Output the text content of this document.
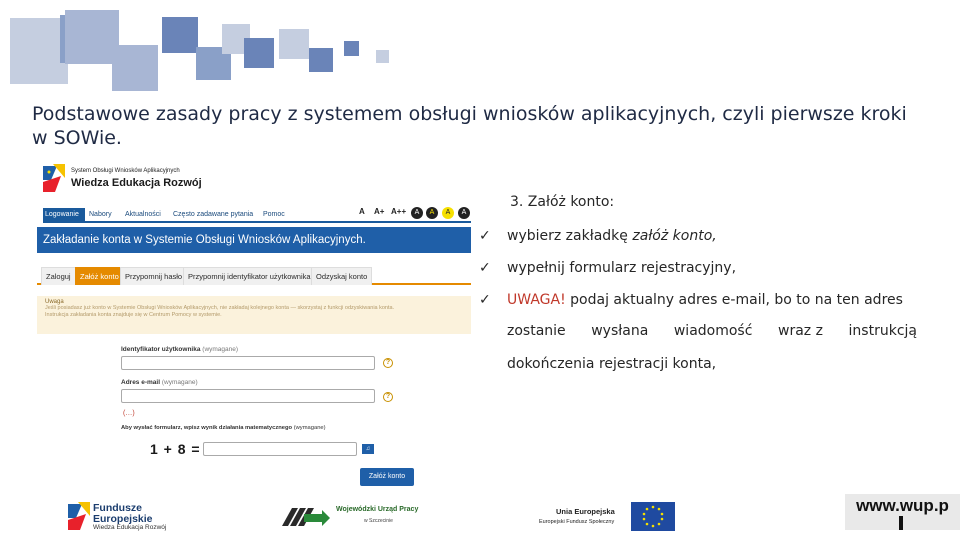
Podstawowe zasady pracy z systemem obsługi wniosków aplikacyjnych, czyli pierwsze kroki w SOWie.
System Obsługi Wniosków Aplikacyjnych
Wiedza Edukacja Rozwój
Logowanie	Nabory Aktualności Często zadawane pytania Pomoc	A A+ A++	A	A	A	A
Zakładanie konta w Systemie Obsługi Wniosków Aplikacyjnych.
Zaloguj	Załóż konto Przypomnij hasło Przypomnij identyfikator użytkownika Odzyskaj konto
Uwaga
Jeśli posiadasz już konto w Systemie Obsługi Wniosków Aplikacyjnych, nie zakładaj kolejnego konta — skorzystaj z funkcji odzyskiwania konta.
Instrukcja zakładania konta znajduje się w Centrum Pomocy w systemie.
Identyfikator użytkownika (wymagane)
?
Adres e-mail (wymagane)
?
(…)
Aby wysłać formularz, wpisz wynik działania matematycznego (wymagane)
1 + 8 =	♫
Załóż konto
3. Załóż konto:
✓ wybierz zakładkę załóż konto,
✓ wypełnij formularz rejestracyjny,
✓ UWAGA! podaj aktualny adres e-mail, bo to na ten adres
zostanie wysłana wiadomość wraz z instrukcją
dokończenia rejestracji konta,
Fundusze
Europejskie
Wiedza Edukacja Rozwój
Wojewódzki Urząd Pracy
w Szczecinie
Unia Europejska
Europejski Fundusz Społeczny
www.wup.p
